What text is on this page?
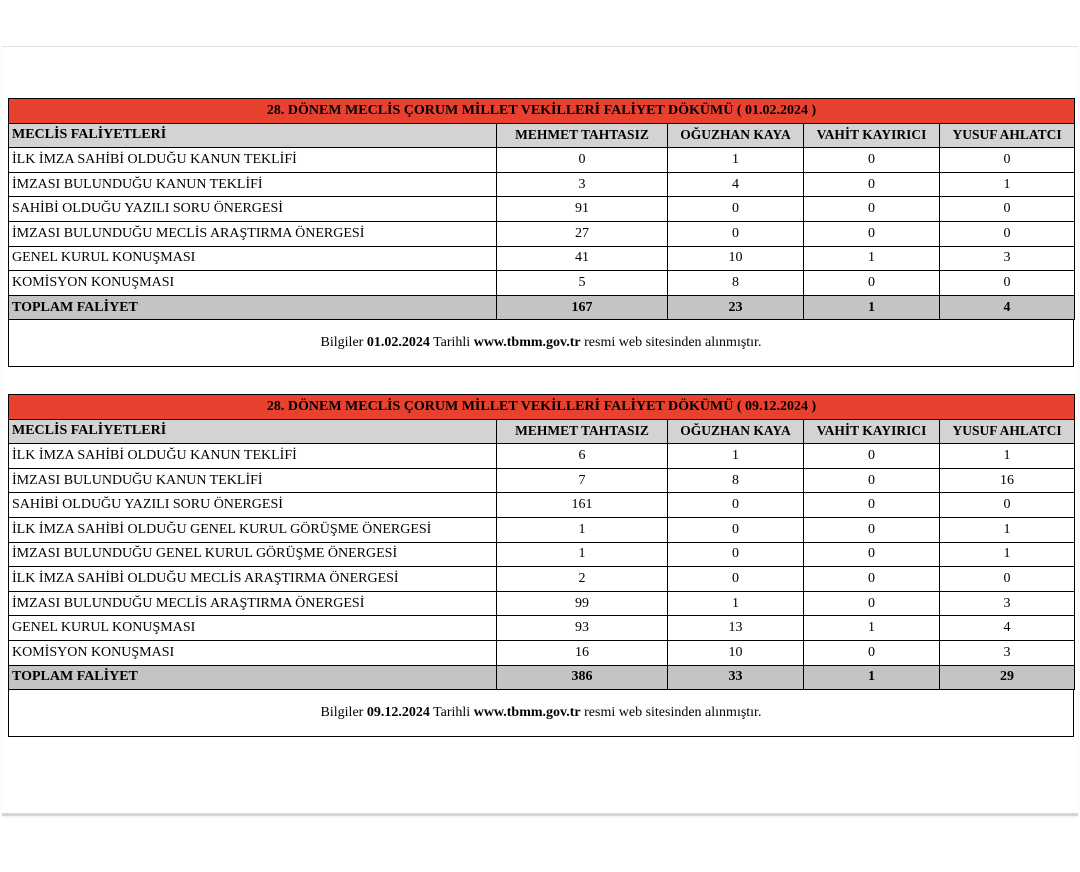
28. DÖNEM MECLİS ÇORUM MİLLET VEKİLLERİ FALİYET DÖKÜMÜ ( 01.02.2024 )				
MECLİS FALİYETLERİ	MEHMET TAHTASIZ	OĞUZHAN KAYA	VAHİT KAYIRICI	YUSUF AHLATCI
İLK İMZA SAHİBİ OLDUĞU KANUN TEKLİFİ	0	1	0	0
İMZASI BULUNDUĞU KANUN TEKLİFİ	3	4	0	1
SAHİBİ OLDUĞU YAZILI SORU ÖNERGESİ	91	0	0	0
İMZASI BULUNDUĞU MECLİS ARAŞTIRMA ÖNERGESİ	27	0	0	0
GENEL KURUL KONUŞMASI	41	10	1	3
KOMİSYON KONUŞMASI	5	8	0	0
TOPLAM FALİYET	167	23	1	4
Bilgiler 01.02.2024 Tarihli www.tbmm.gov.tr resmi web sitesinden alınmıştır.
28. DÖNEM MECLİS ÇORUM MİLLET VEKİLLERİ FALİYET DÖKÜMÜ ( 09.12.2024 )				
MECLİS FALİYETLERİ	MEHMET TAHTASIZ	OĞUZHAN KAYA	VAHİT KAYIRICI	YUSUF AHLATCI
İLK İMZA SAHİBİ OLDUĞU KANUN TEKLİFİ	6	1	0	1
İMZASI BULUNDUĞU KANUN TEKLİFİ	7	8	0	16
SAHİBİ OLDUĞU YAZILI SORU ÖNERGESİ	161	0	0	0
İLK İMZA SAHİBİ OLDUĞU GENEL KURUL GÖRÜŞME ÖNERGESİ	1	0	0	1
İMZASI BULUNDUĞU GENEL KURUL GÖRÜŞME ÖNERGESİ	1	0	0	1
İLK İMZA SAHİBİ OLDUĞU MECLİS ARAŞTIRMA ÖNERGESİ	2	0	0	0
İMZASI BULUNDUĞU MECLİS ARAŞTIRMA ÖNERGESİ	99	1	0	3
GENEL KURUL KONUŞMASI	93	13	1	4
KOMİSYON KONUŞMASI	16	10	0	3
TOPLAM FALİYET	386	33	1	29
Bilgiler 09.12.2024 Tarihli www.tbmm.gov.tr resmi web sitesinden alınmıştır.
